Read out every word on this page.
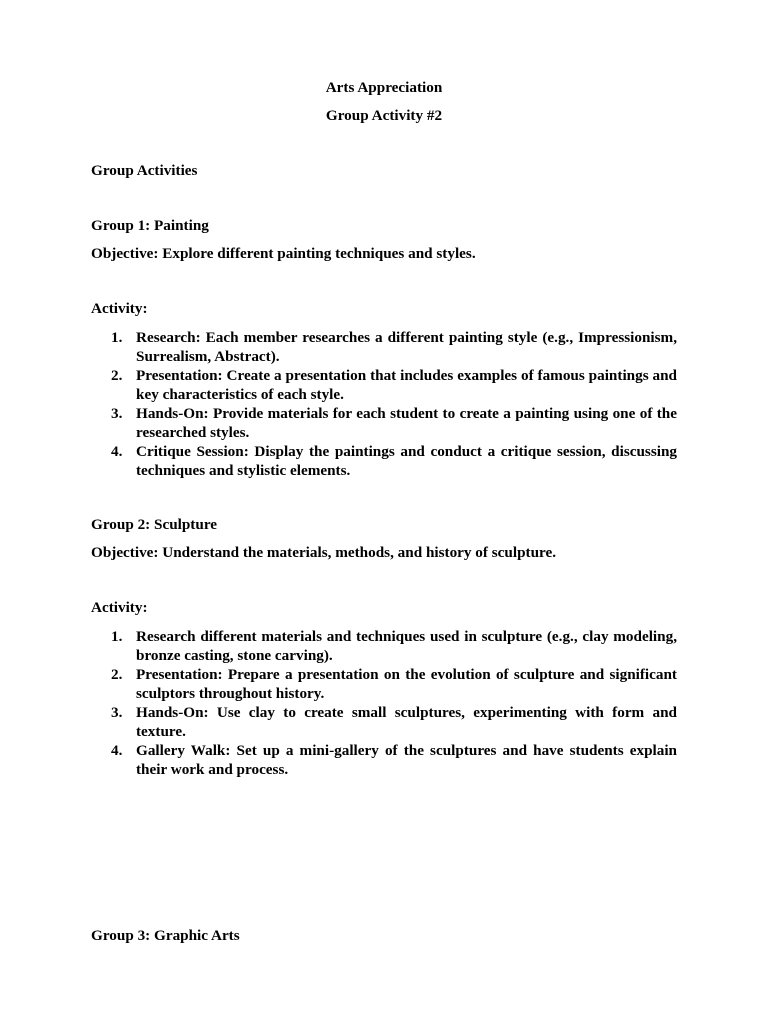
Arts Appreciation
Group Activity #2
Group Activities
Group 1: Painting
Objective: Explore different painting techniques and styles.
Activity:
1. Research: Each member researches a different painting style (e.g., Impressionism, Surrealism, Abstract).
2. Presentation: Create a presentation that includes examples of famous paintings and key characteristics of each style.
3. Hands-On: Provide materials for each student to create a painting using one of the researched styles.
4. Critique Session: Display the paintings and conduct a critique session, discussing techniques and stylistic elements.
Group 2: Sculpture
Objective: Understand the materials, methods, and history of sculpture.
Activity:
1. Research different materials and techniques used in sculpture (e.g., clay modeling, bronze casting, stone carving).
2. Presentation: Prepare a presentation on the evolution of sculpture and significant sculptors throughout history.
3. Hands-On: Use clay to create small sculptures, experimenting with form and texture.
4. Gallery Walk: Set up a mini-gallery of the sculptures and have students explain their work and process.
Group 3: Graphic Arts
